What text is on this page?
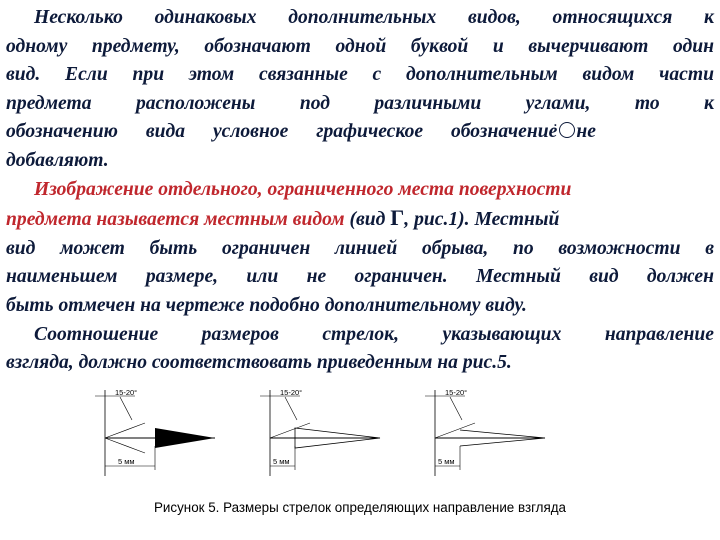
Несколько одинаковых дополнительных видов, относящихся к
одному предмету, обозначают одной буквой и вычерчивают один
вид. Если при этом связанные с дополнительным видом части
предмета расположены под различными углами, то к
обозначению вида условное графическое обозначение· не
добавляют.
Изображение отдельного, ограниченного места поверхности
предмета называется местным видом (вид Г, рис.1). Местный
вид может быть ограничен линией обрыва, по возможности в
наименьшем размере, или не ограничен. Местный вид должен
быть отмечен на чертеже подобно дополнительному виду.
Соотношение размеров стрелок, указывающих направление
взгляда, должно соответствовать приведенным на рис.5.
15-20°
5 мм
15-20°
5 мм
15-20°
5 мм
Рисунок 5. Размеры стрелок определяющих направление взгляда
